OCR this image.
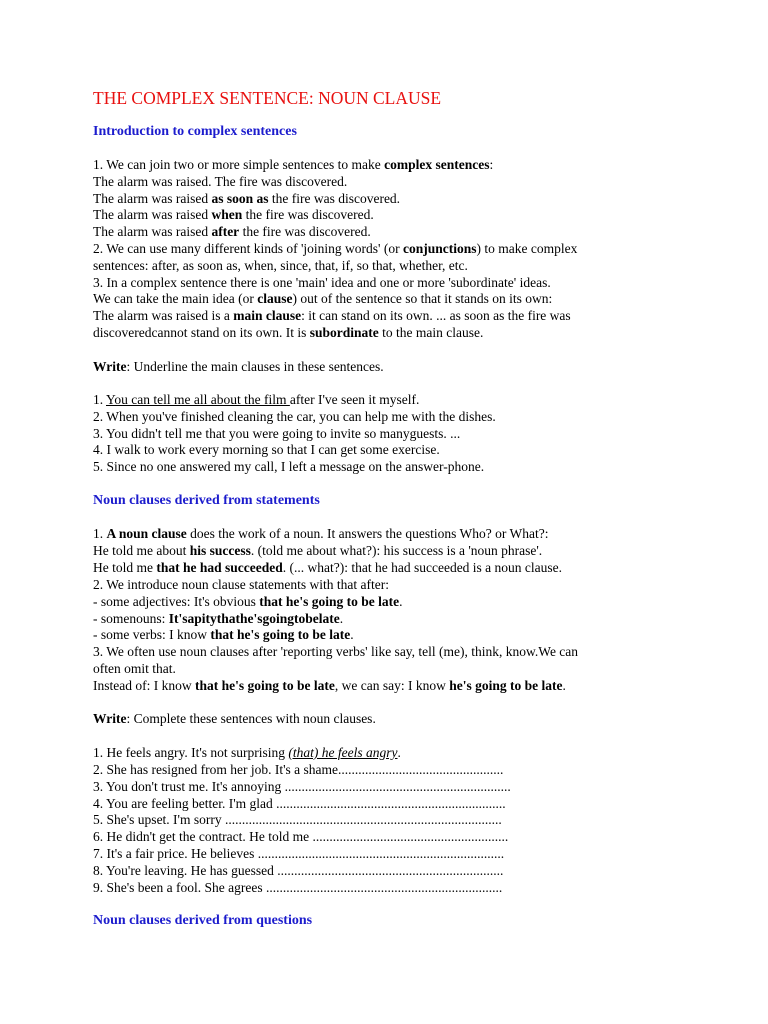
THE COMPLEX SENTENCE: NOUN CLAUSE
Introduction to complex sentences
1. We can join two or more simple sentences to make complex sentences:
The alarm was raised. The fire was discovered.
The alarm was raised as soon as the fire was discovered.
The alarm was raised when the fire was discovered.
The alarm was raised after the fire was discovered.
2. We can use many different kinds of 'joining words' (or conjunctions) to make complex
sentences: after, as soon as, when, since, that, if, so that, whether, etc.
3. In a complex sentence there is one 'main' idea and one or more 'subordinate' ideas.
We can take the main idea (or clause) out of the sentence so that it stands on its own:
The alarm was raised is a main clause: it can stand on its own. ... as soon as the fire was
discoveredcannot stand on its own. It is subordinate to the main clause.
Write: Underline the main clauses in these sentences.
1. You can tell me all about the film after I've seen it myself.
2. When you've finished cleaning the car, you can help me with the dishes.
3. You didn't tell me that you were going to invite so manyguests. ...
4. I walk to work every morning so that I can get some exercise.
5. Since no one answered my call, I left a message on the answer-phone.
Noun clauses derived from statements
1. A noun clause does the work of a noun. It answers the questions Who? or What?:
He told me about his success. (told me about what?): his success is a 'noun phrase'.
He told me that he had succeeded. (... what?): that he had succeeded is a noun clause.
2. We introduce noun clause statements with that after:
- some adjectives: It's obvious that he's going to be late.
- somenouns: It'sapitythathe'sgoingtobelate.
- some verbs: I know that he's going to be late.
3. We often use noun clauses after 'reporting verbs' like say, tell (me), think, know.We can
often omit that.
Instead of: I know that he's going to be late, we can say: I know he's going to be late.
Write: Complete these sentences with noun clauses.
1. He feels angry. It's not surprising (that) he feels angry.
2. She has resigned from her job. It's a shame.................................................
3. You don't trust me. It's annoying ...................................................................
4. You are feeling better. I'm glad ....................................................................
5. She's upset. I'm sorry ..................................................................................
6. He didn't get the contract. He told me ..........................................................
7. It's a fair price. He believes .........................................................................
8. You're leaving. He has guessed ...................................................................
9. She's been a fool. She agrees ......................................................................
Noun clauses derived from questions
